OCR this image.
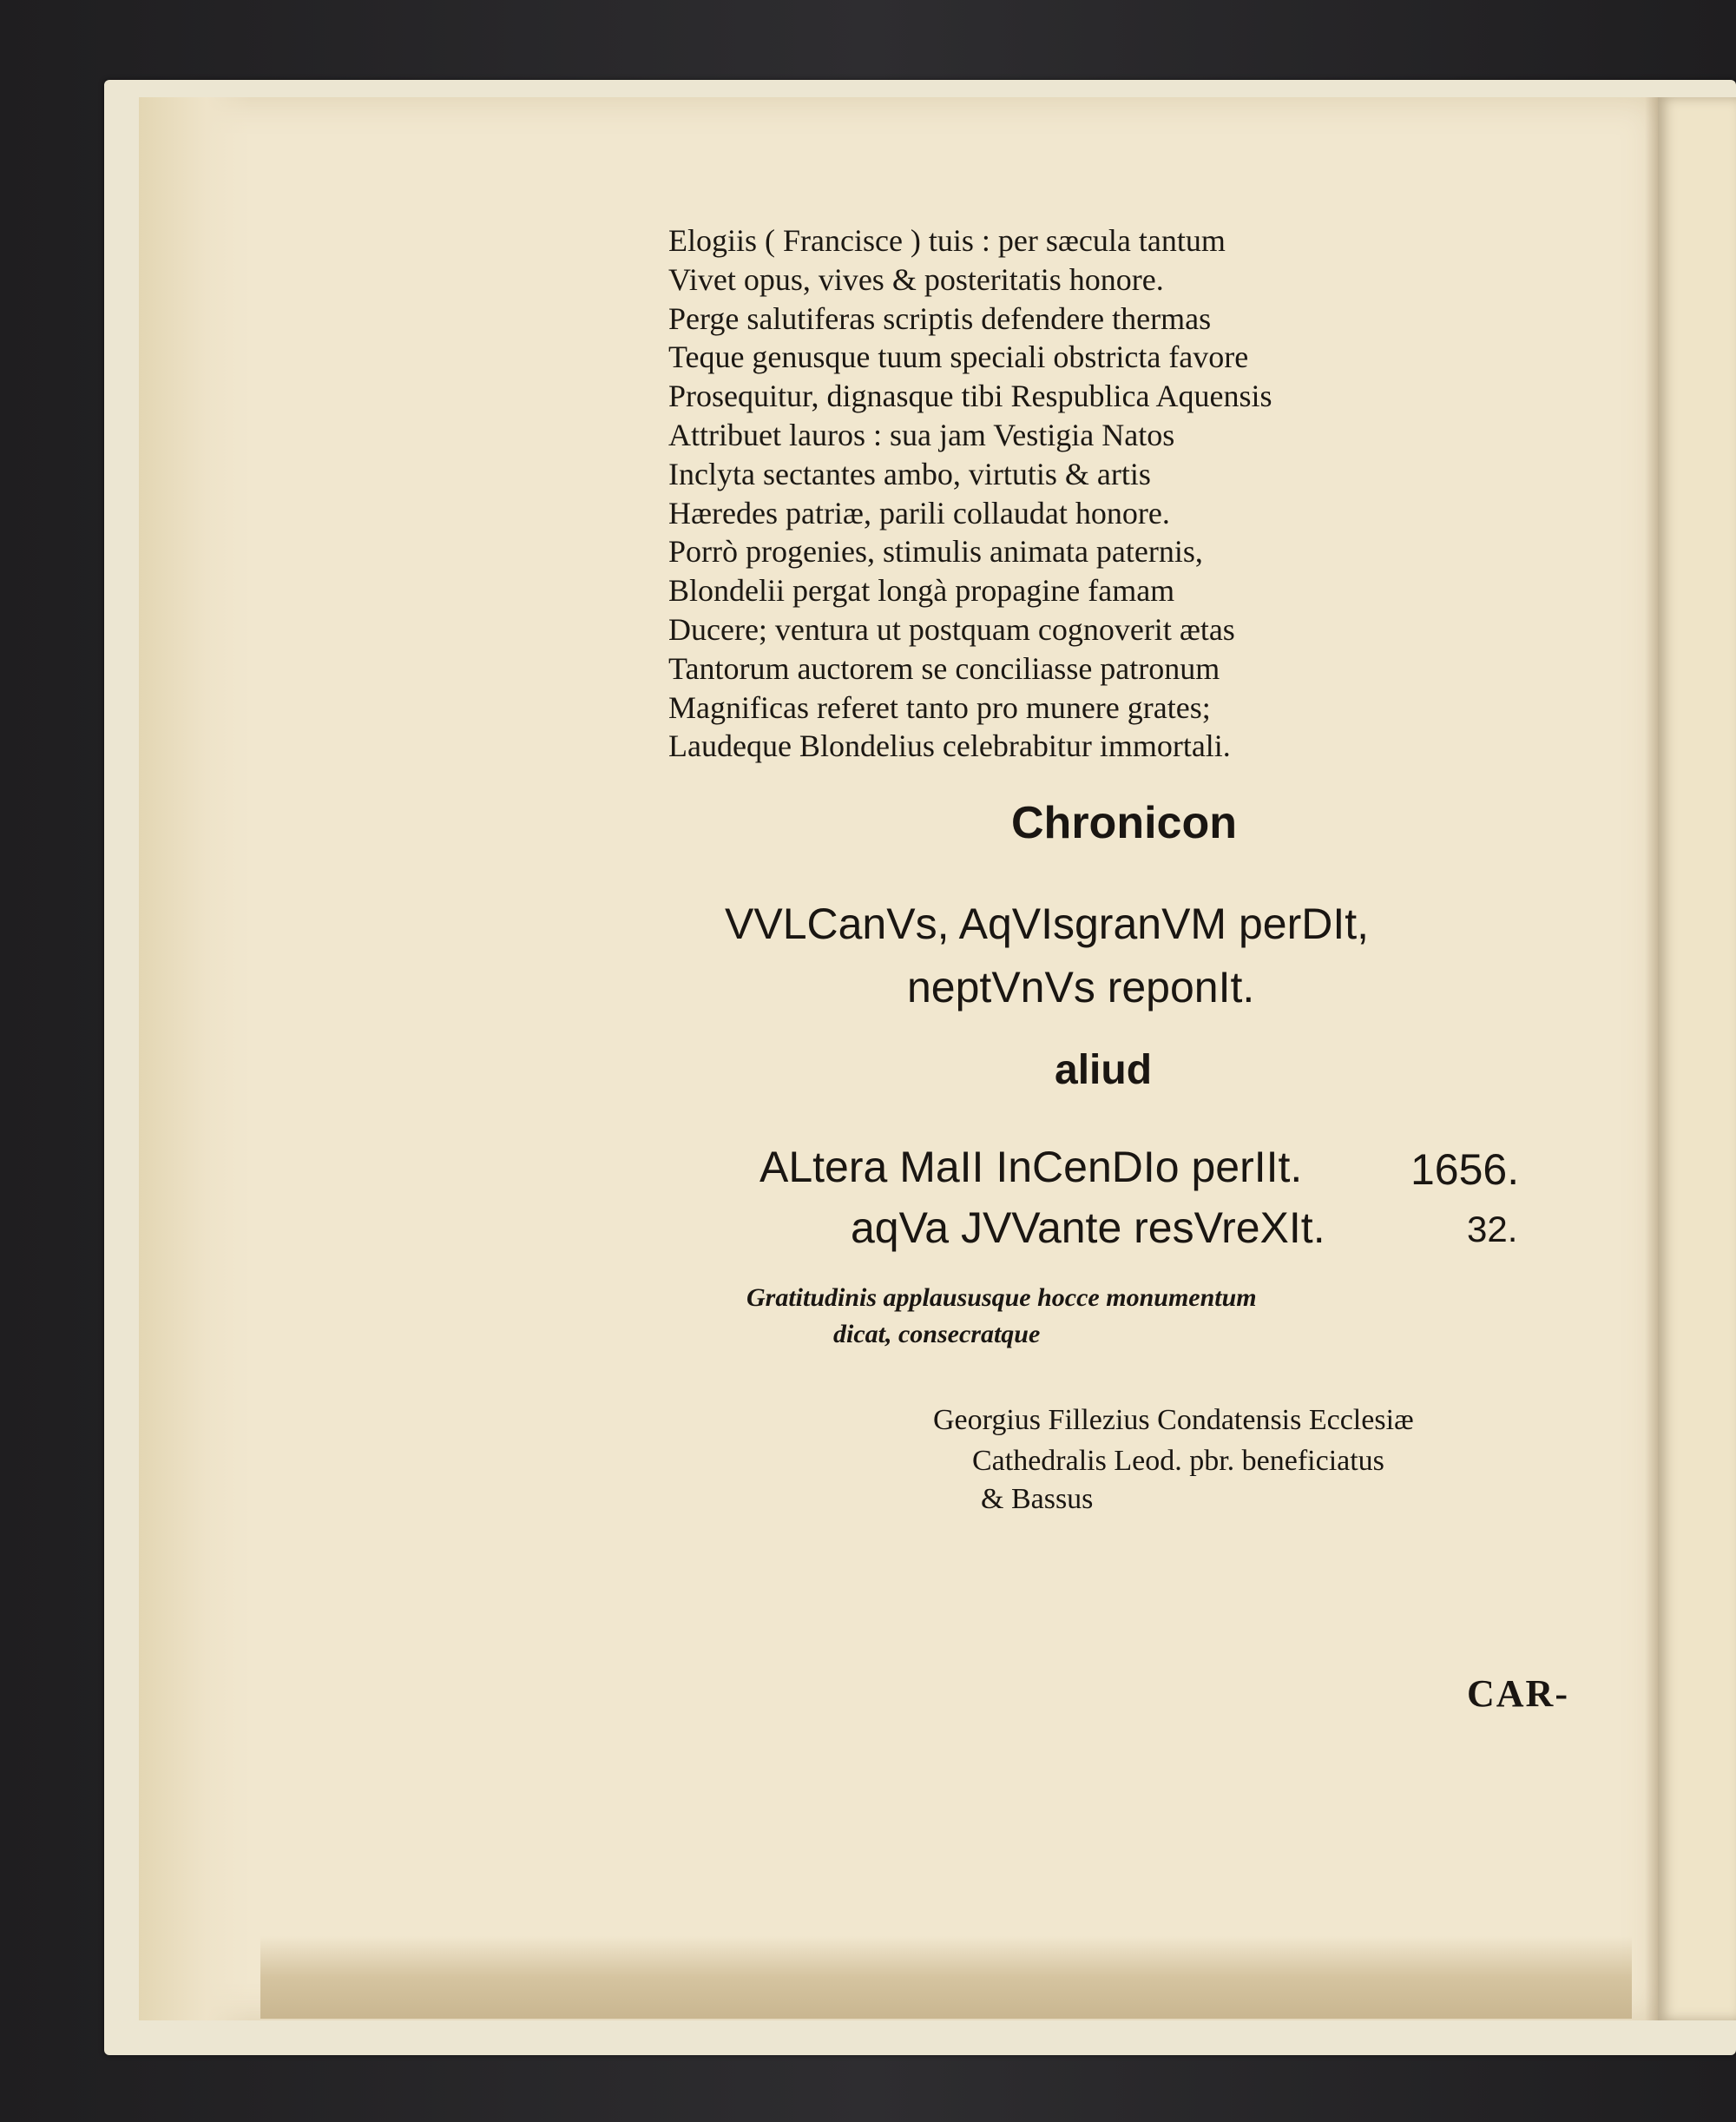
Elogiis ( Francisce ) tuis : per sæcula tantum
Vivet opus, vives & posteritatis honore.
Perge salutiferas scriptis defendere thermas
Teque genusque tuum speciali obstricta favore
Prosequitur, dignasque tibi Respublica Aquensis
Attribuet lauros : sua jam Vestigia Natos
Inclyta sectantes ambo, virtutis & artis
Hæredes patriæ, parili collaudat honore.
Porrò progenies, stimulis animata paternis,
Blondelii pergat longà propagine famam
Ducere; ventura ut postquam cognoverit ætas
Tantorum auctorem se conciliasse patronum
Magnificas referet tanto pro munere grates;
Laudeque Blondelius celebrabitur immortali.
Chronicon
VVLCanVs, AqVIsgranVM perDIt,
neptVnVs reponIt.
aliud
ALtera MaII InCenDIo perIIt. 1656.
aqVa JVVante resVreXIt.	32.
Gratitudinis applaususque hocce monumentum
dicat, consecratque
Georgius Fillezius Condatensis Ecclesiæ
Cathedralis Leod. pbr. beneficiatus
& Bassus
CAR-
